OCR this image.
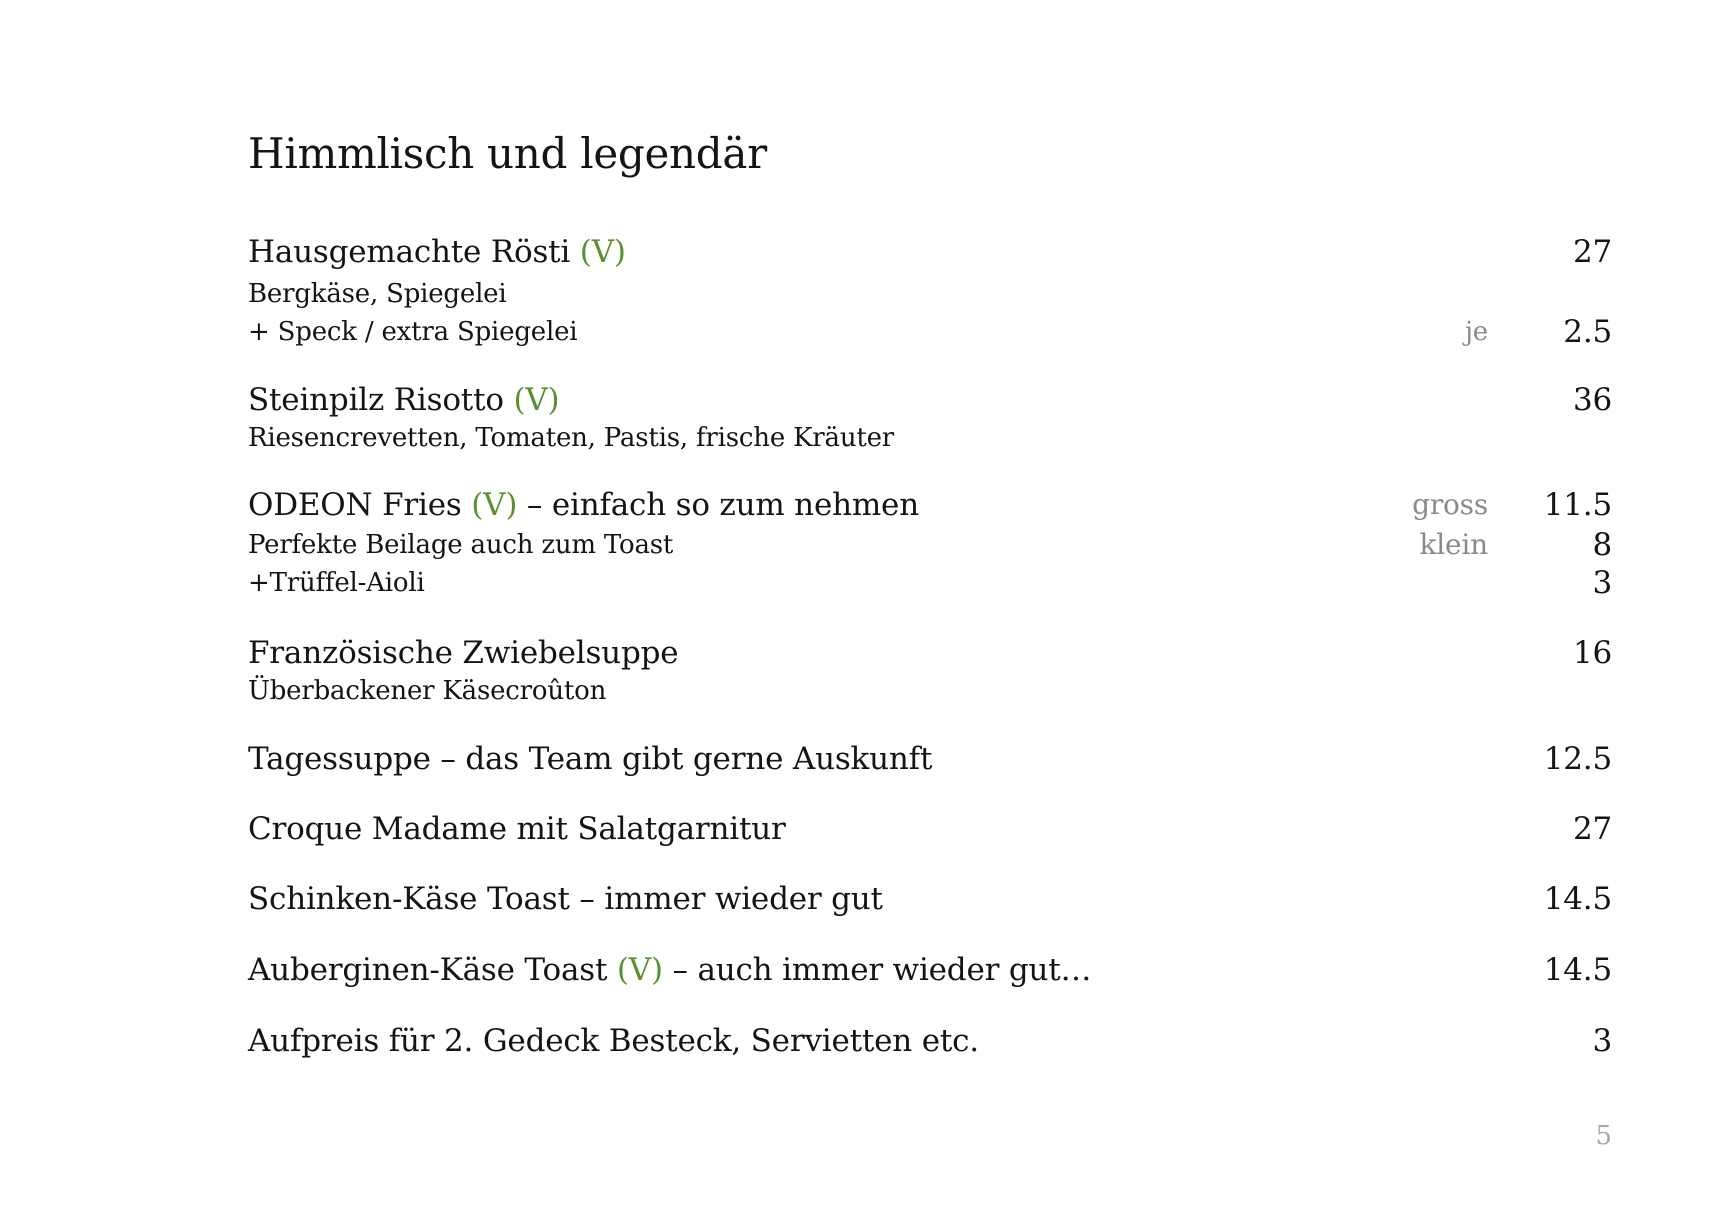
Himmlisch und legendär
Hausgemachte Rösti (V)	27
Bergkäse, Spiegelei
+ Speck / extra Spiegelei	je 2.5
Steinpilz Risotto (V)	36
Riesencrevetten, Tomaten, Pastis, frische Kräuter
ODEON Fries (V) – einfach so zum nehmen	gross 11.5
Perfekte Beilage auch zum Toast	klein	8
+Trüffel-Aioli	3
Französische Zwiebelsuppe	16
Überbackener Käsecroûton
Tagessuppe – das Team gibt gerne Auskunft	12.5
Croque Madame mit Salatgarnitur	27
Schinken-Käse Toast – immer wieder gut	14.5
Auberginen-Käse Toast (V) – auch immer wieder gut…	14.5
Aufpreis für 2. Gedeck Besteck, Servietten etc.	3
5
